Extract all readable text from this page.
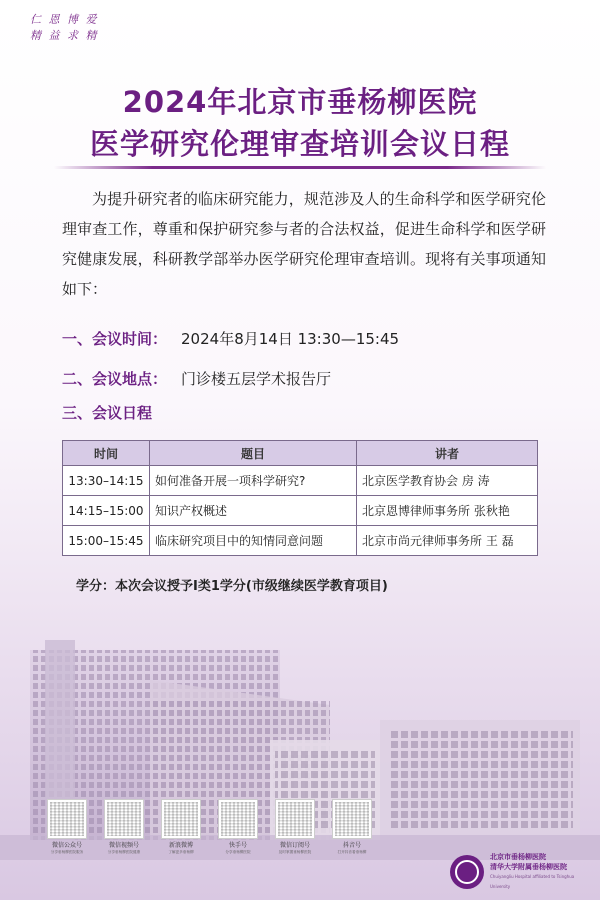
仁 恩 博 爱
精 益 求 精
2024年北京市垂杨柳医院
医学研究伦理审查培训会议日程
为提升研究者的临床研究能力，规范涉及人的生命科学和医学研究伦理审查工作，尊重和保护研究参与者的合法权益，促进生命科学和医学研究健康发展，科研教学部举办医学研究伦理审查培训。现将有关事项通知如下：
一、会议时间： 2024年8月14日 13:30—15:45
二、会议地点： 门诊楼五层学术报告厅
三、会议日程
时间	题目	讲者
13:30–14:15	如何准备开展一项科学研究?	北京医学教育协会 房 涛
14:15–15:00	知识产权概述	北京恩博律师事务所 张秋艳
15:00–15:45	临床研究项目中的知情同意问题	北京市尚元律师事务所 王 磊
学分：本次会议授予I类1学分(市级继续医学教育项目)
微信公众号
分享垂杨柳医院服务
微信视频号
分享垂杨柳医院健康
新浪微博
了解更多垂杨柳
快手号
分享垂杨柳医院
微信订阅号
及时掌握垂杨柳医院
抖音号
打开抖音看垂杨柳
北京市垂杨柳医院
清华大学附属垂杨柳医院
Chuiyangliu Hospital affiliated to Tsinghua University
